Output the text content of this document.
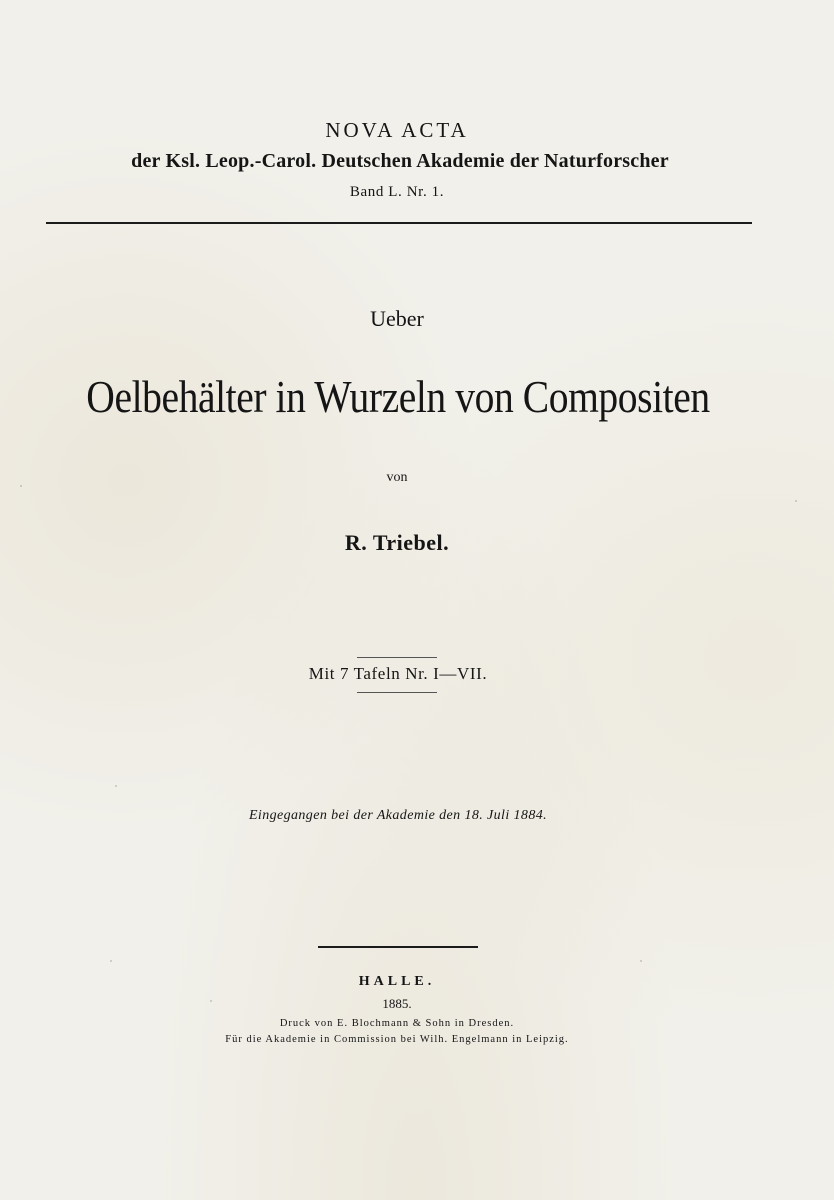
NOVA ACTA
der Ksl. Leop.-Carol. Deutschen Akademie der Naturforscher
Band L. Nr. 1.
Ueber
Oelbehälter in Wurzeln von Compositen
von
R. Triebel.
Mit 7 Tafeln Nr. I—VII.
Eingegangen bei der Akademie den 18. Juli 1884.
HALLE.
1885.
Druck von E. Blochmann & Sohn in Dresden.
Für die Akademie in Commission bei Wilh. Engelmann in Leipzig.
